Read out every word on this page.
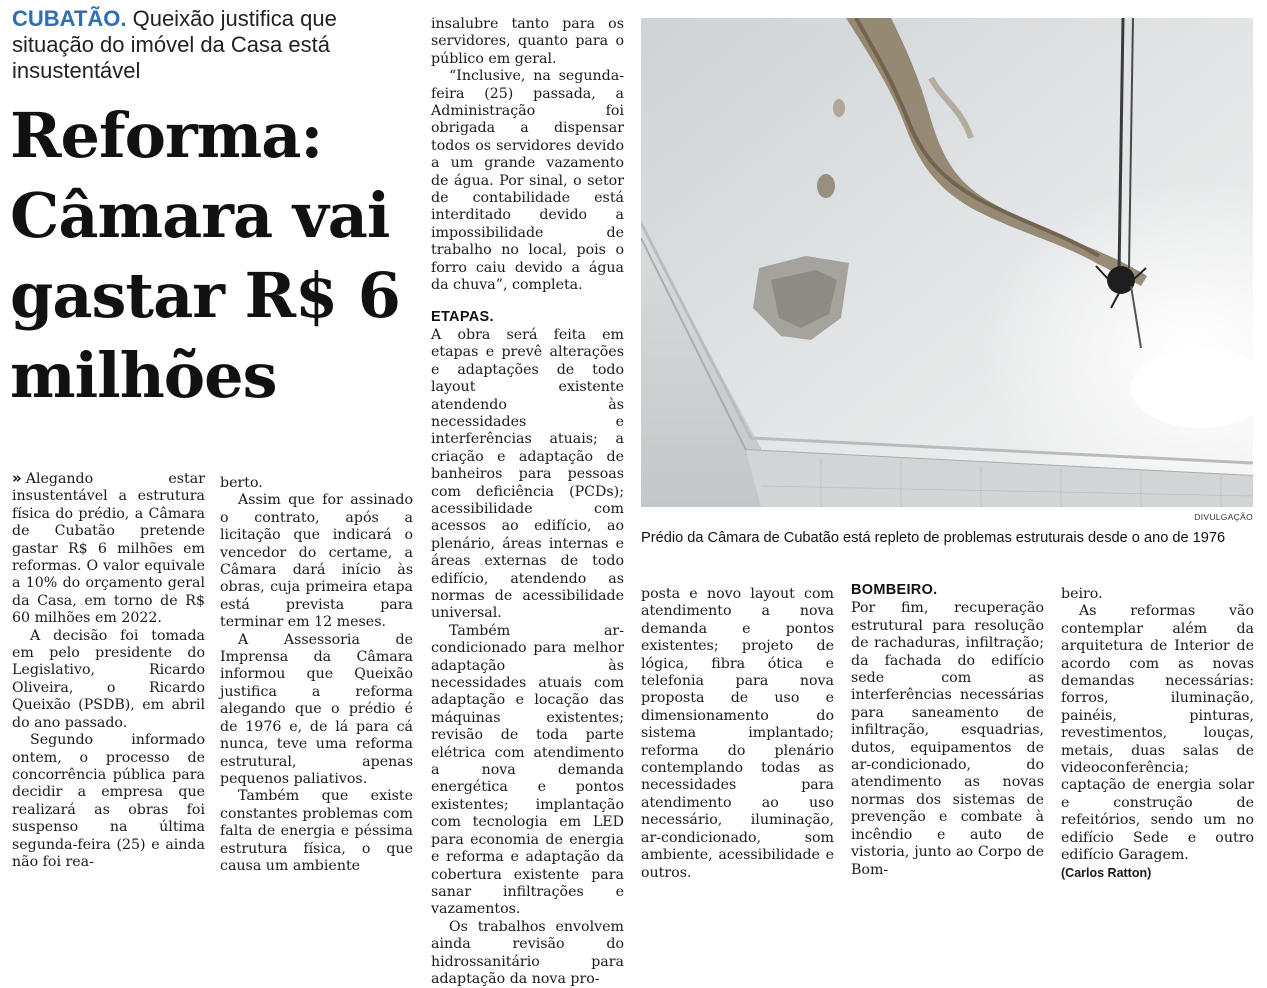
CUBATÃO. Queixão justifica que situação do imóvel da Casa está insustentável
Reforma: Câmara vai gastar R$ 6 milhões

» Alegando estar insustentável a estrutura física do prédio, a Câmara de Cubatão pretende gastar R$ 6 milhões em reformas. O valor equivale a 10% do orçamento geral da Casa, em torno de R$ 60 milhões em 2022.

A decisão foi tomada em pelo presidente do Legislativo, Ricardo Oliveira, o Ricardo Queixão (PSDB), em abril do ano passado.

Segundo informado ontem, o processo de concorrência pública para decidir a empresa que realizará as obras foi suspenso na última segunda-feira (25) e ainda não foi rea-

berto.

Assim que for assinado o contrato, após a licitação que indicará o vencedor do certame, a Câmara dará início às obras, cuja primeira etapa está prevista para terminar em 12 meses.

A Assessoria de Imprensa da Câmara informou que Queixão justifica a reforma alegando que o prédio é de 1976 e, de lá para cá nunca, teve uma reforma estrutural, apenas pequenos paliativos.

Também que existe constantes problemas com falta de energia e péssima estrutura física, o que causa um ambiente

insalubre tanto para os servidores, quanto para o público em geral.

“Inclusive, na segunda-feira (25) passada, a Administração foi obrigada a dispensar todos os servidores devido a um grande vazamento de água. Por sinal, o setor de contabilidade está interditado devido a impossibilidade de trabalho no local, pois o forro caiu devido a água da chuva”, completa.

ETAPAS.

A obra será feita em etapas e prevê alterações e adaptações de todo layout existente atendendo às necessidades e interferências atuais; a criação e adaptação de banheiros para pessoas com deficiência (PCDs); acessibilidade com acessos ao edifício, ao plenário, áreas internas e áreas externas de todo edifício, atendendo as normas de acessibilidade universal.

Também ar-condicionado para melhor adaptação às necessidades atuais com adaptação e locação das máquinas existentes; revisão de toda parte elétrica com atendimento a nova demanda energética e pontos existentes; implantação com tecnologia em LED para economia de energia e reforma e adaptação da cobertura existente para sanar infiltrações e vazamentos.

Os trabalhos envolvem ainda revisão do hidrossanitário para adaptação da nova pro-

DIVULGAÇÃO
Prédio da Câmara de Cubatão está repleto de problemas estruturais desde o ano de 1976

posta e novo layout com atendimento a nova demanda e pontos existentes; projeto de lógica, fibra ótica e telefonia para nova proposta de uso e dimensionamento do sistema implantado; reforma do plenário contemplando todas as necessidades para atendimento ao uso necessário, iluminação, ar-condicionado, som ambiente, acessibilidade e outros.

BOMBEIRO.

Por fim, recuperação estrutural para resolução de rachaduras, infiltração; da fachada do edifício sede com as interferências necessárias para saneamento de infiltração, esquadrias, dutos, equipamentos de ar-condicionado, do atendimento as novas normas dos sistemas de prevenção e combate à incêndio e auto de vistoria, junto ao Corpo de Bom-

beiro.

As reformas vão contemplar além da arquitetura de Interior de acordo com as novas demandas necessárias: forros, iluminação, painéis, pinturas, revestimentos, louças, metais, duas salas de videoconferência; captação de energia solar e construção de refeitórios, sendo um no edifício Sede e outro edifício Garagem.

(Carlos Ratton)
